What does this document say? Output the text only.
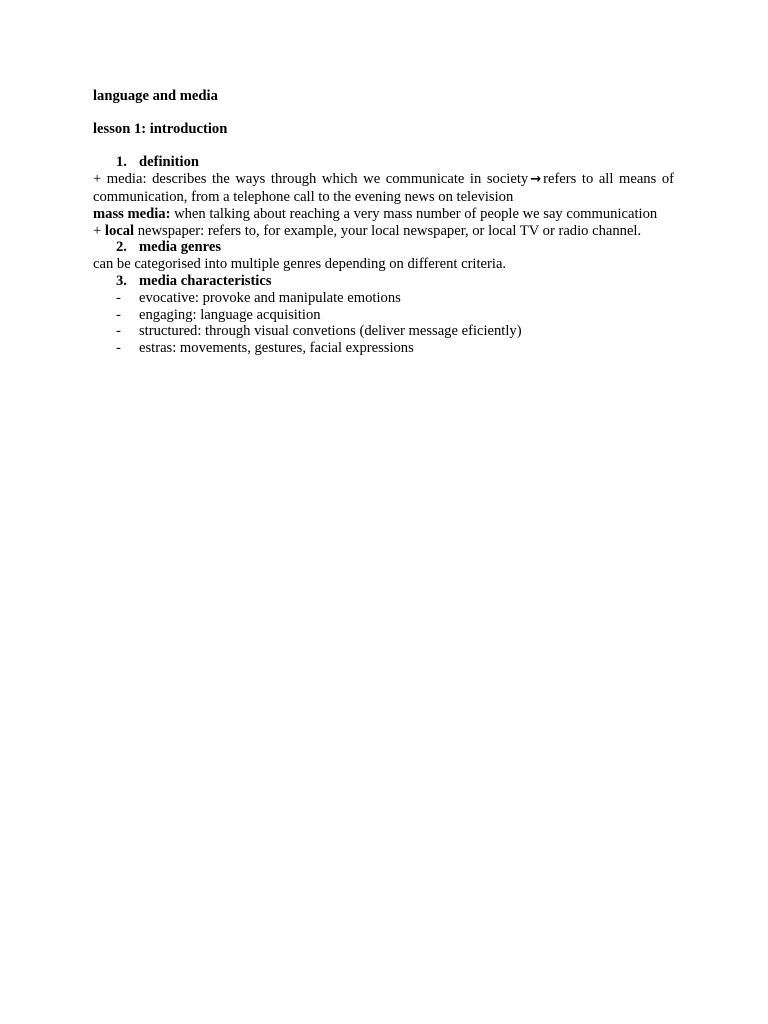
language and media

lesson 1: introduction

1. definition

+ media: describes the ways through which we communicate in society → refers to all means of communication, from a telephone call to the evening news on television

mass media: when talking about reaching a very mass number of people we say communication

+ local newspaper: refers to, for example, your local newspaper, or local TV or radio channel.

2. media genres

can be categorised into multiple genres depending on different criteria.

3. media characteristics

-	evocative: provoke and manipulate emotions

-	engaging: language acquisition

-	structured: through visual convetions (deliver message eficiently)

-	estras: movements, gestures, facial expressions
